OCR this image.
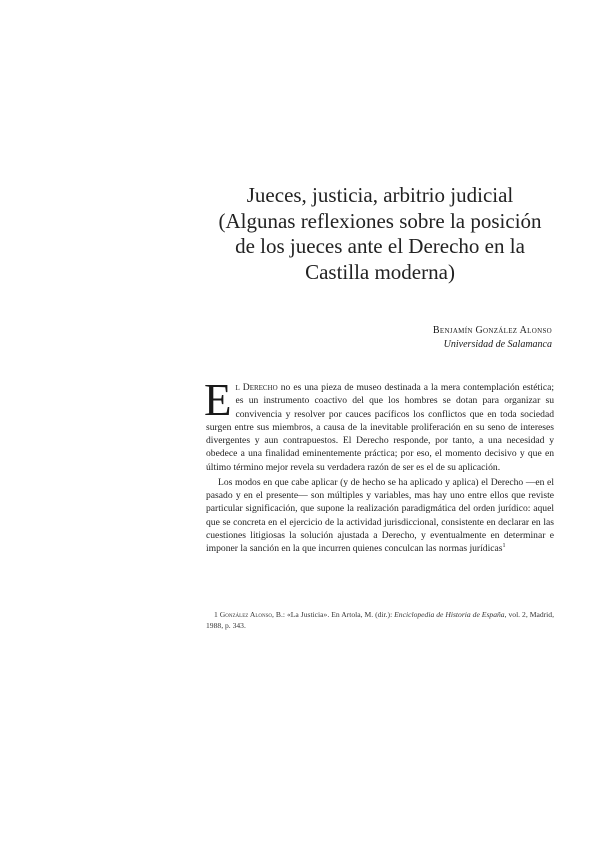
Jueces, justicia, arbitrio judicial
(Algunas reflexiones sobre la posición
de los jueces ante el Derecho en la
Castilla moderna)
Benjamín González Alonso
Universidad de Salamanca

El Derecho no es una pieza de museo destinada a la mera contemplación estética; es un instrumento coactivo del que los hombres se dotan para organizar su convivencia y resolver por cauces pacíficos los conflictos que en toda sociedad surgen entre sus miembros, a causa de la inevitable proliferación en su seno de intereses divergentes y aun contrapuestos. El Derecho responde, por tanto, a una necesidad y obedece a una finalidad eminentemente práctica; por eso, el momento decisivo y que en último término mejor revela su verdadera razón de ser es el de su aplicación.

Los modos en que cabe aplicar (y de hecho se ha aplicado y aplica) el Derecho —en el pasado y en el presente— son múltiples y variables, mas hay uno entre ellos que reviste particular significación, que supone la realización paradigmática del orden jurídico: aquel que se concreta en el ejercicio de la actividad jurisdiccional, consistente en declarar en las cuestiones litigiosas la solución ajustada a Derecho, y eventualmente en determinar e imponer la sanción en la que incurren quienes conculcan las normas jurídicas$^1$

1 González Alonso, B.: «La Justicia». En Artola, M. (dir.): Enciclopedia de Historia de España, vol. 2, Madrid, 1988, p. 343.
